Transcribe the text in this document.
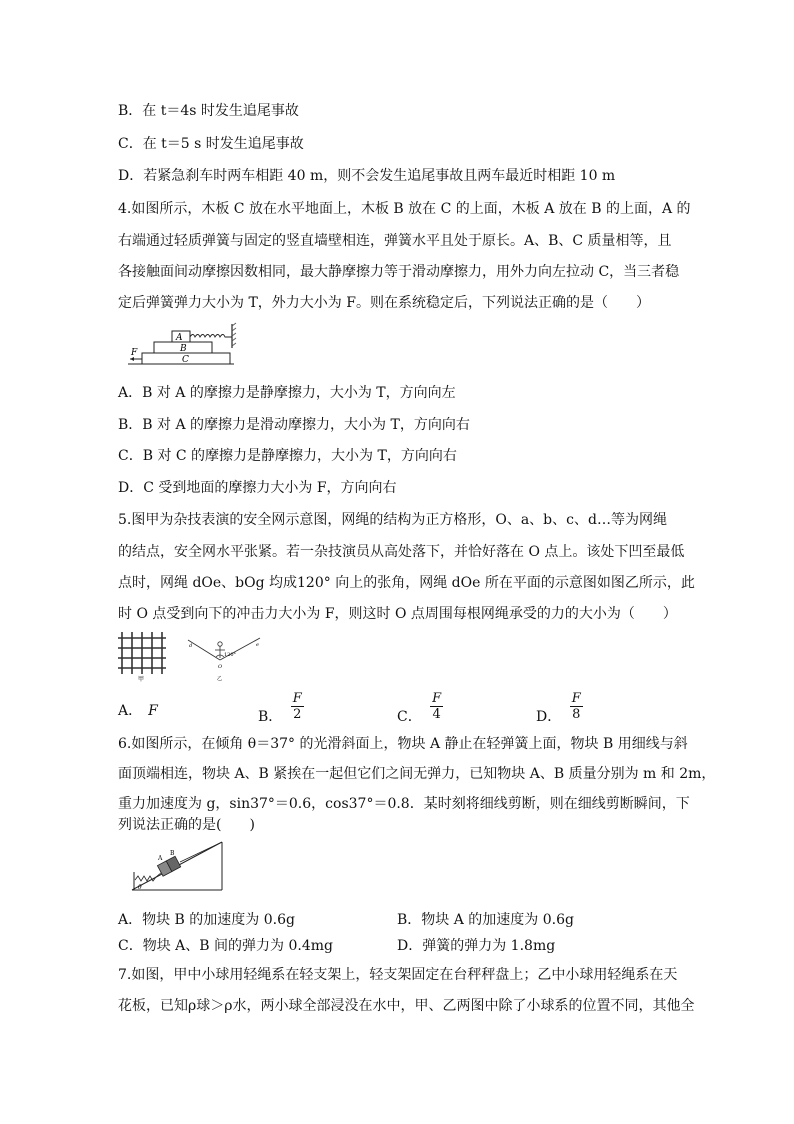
B．在 t＝4s 时发生追尾事故
C．在 t＝5 s 时发生追尾事故
D．若紧急刹车时两车相距 40 m，则不会发生追尾事故且两车最近时相距 10 m
4.如图所示，木板 C 放在水平地面上，木板 B 放在 C 的上面，木板 A 放在 B 的上面，A 的
右端通过轻质弹簧与固定的竖直墙壁相连，弹簧水平且处于原长。A、B、C 质量相等，且
各接触面间动摩擦因数相同，最大静摩擦力等于滑动摩擦力，用外力向左拉动 C，当三者稳
定后弹簧弹力大小为 T，外力大小为 F。则在系统稳定后，下列说法正确的是（　　）
A
B
C
F
A．B 对 A 的摩擦力是静摩擦力，大小为 T，方向向左
B．B 对 A 的摩擦力是滑动摩擦力，大小为 T，方向向右
C．B 对 C 的摩擦力是静摩擦力，大小为 T，方向向右
D．C 受到地面的摩擦力大小为 F，方向向右
5.图甲为杂技表演的安全网示意图，网绳的结构为正方格形，O、a、b、c、d…等为网绳
的结点，安全网水平张紧。若一杂技演员从高处落下，并恰好落在 O 点上。该处下凹至最低
点时，网绳 dOe、bOg 均成120° 向上的张角，网绳 dOe 所在平面的示意图如图乙所示，此
时 O 点受到向下的冲击力大小为 F，则这时 O 点周围每根网绳承受的力的大小为（　　）
甲
120°
O
d	e
乙
A． F	B． $\frac{F}{2}$	C． $\frac{F}{4}$	D． $\frac{F}{8}$
6.如图所示，在倾角 θ＝37° 的光滑斜面上，物块 A 静止在轻弹簧上面，物块 B 用细线与斜
面顶端相连，物块 A、B 紧挨在一起但它们之间无弹力，已知物块 A、B 质量分别为 m 和 2m，
重力加速度为 g，sin37°＝0.6，cos37°＝0.8．某时刻将细线剪断，则在细线剪断瞬间，下
列说法正确的是(　　)
A
B
θ
A．物块 B 的加速度为 0.6g	B．物块 A 的加速度为 0.6g
C．物块 A、B 间的弹力为 0.4mg	D．弹簧的弹力为 1.8mg
7.如图，甲中小球用轻绳系在轻支架上，轻支架固定在台秤秤盘上；乙中小球用轻绳系在天
花板，已知ρ球＞ρ水，两小球全部浸没在水中，甲、乙两图中除了小球系的位置不同，其他全
